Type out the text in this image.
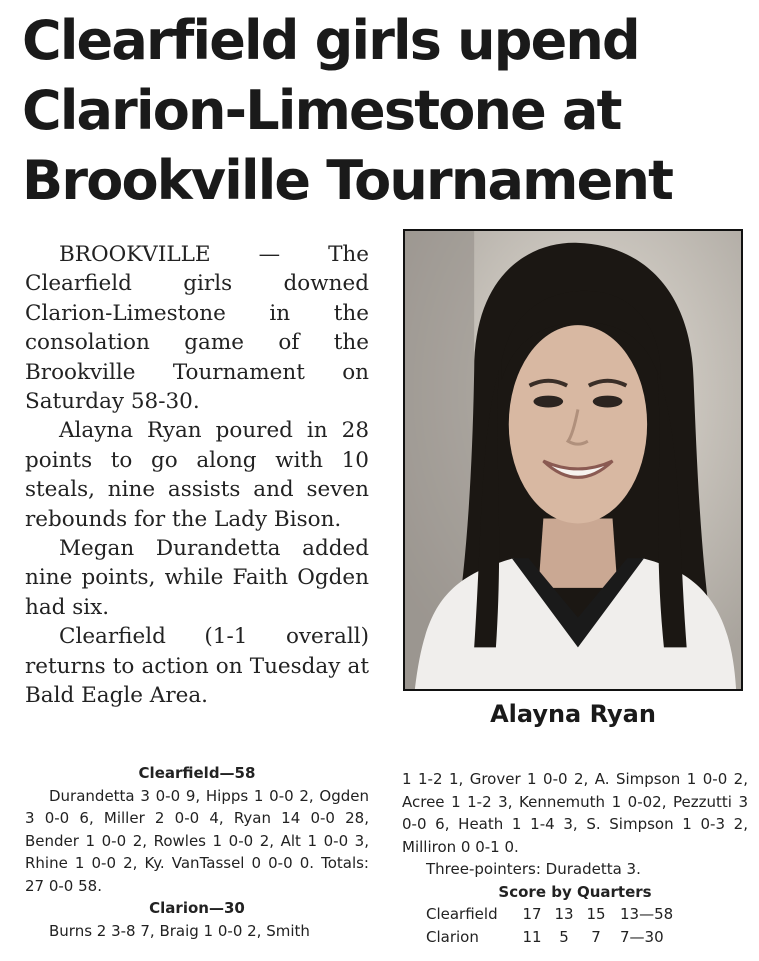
Clearfield girls upend Clarion-Limestone at Brookville Tournament

BROOKVILLE — The Clearfield girls downed Clarion-Limestone in the consolation game of the Brookville Tournament on Saturday 58-30.

Alayna Ryan poured in 28 points to go along with 10 steals, nine assists and seven rebounds for the Lady Bison.

Megan Durandetta added nine points, while Faith Ogden had six.

Clearfield (1-1 overall) returns to action on Tuesday at Bald Eagle Area.

Alayna Ryan

Clearfield—58

Durandetta 3 0-0 9, Hipps 1 0-0 2, Ogden 3 0-0 6, Miller 2 0-0 4, Ryan 14 0-0 28, Bender 1 0-0 2, Rowles 1 0-0 2, Alt 1 0-0 3, Rhine 1 0-0 2, Ky. VanTassel 0 0-0 0. Totals: 27 0-0 58.

Clarion—30

Burns 2 3-8 7, Braig 1 0-0 2, Smith

1 1-2 1, Grover 1 0-0 2, A. Simpson 1 0-0 2, Acree 1 1-2 3, Kennemuth 1 0-02, Pezzutti 3 0-0 6, Heath 1 1-4 3, S. Simpson 1 0-3 2, Milliron 0 0-1 0.

Three-pointers: Duradetta 3.

Score by Quarters

Clearfield	17 13 15 13—58
Clarion	11	5	7	7—30
